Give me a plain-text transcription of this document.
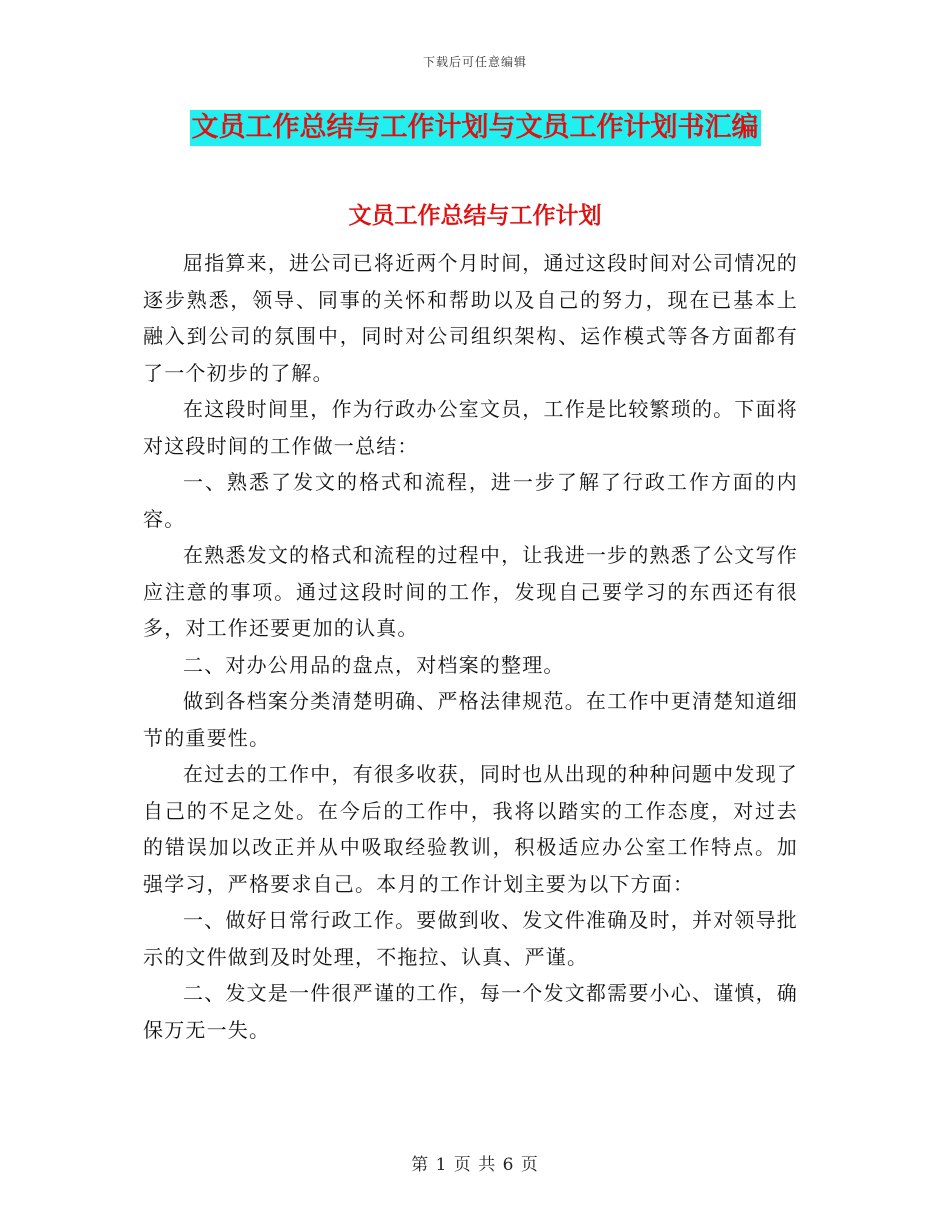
下载后可任意编辑
文员工作总结与工作计划与文员工作计划书汇编
文员工作总结与工作计划

屈指算来，进公司已将近两个月时间，通过这段时间对公司情况的逐步熟悉，领导、同事的关怀和帮助以及自己的努力，现在已基本上融入到公司的氛围中，同时对公司组织架构、运作模式等各方面都有了一个初步的了解。

在这段时间里，作为行政办公室文员，工作是比较繁琐的。下面将对这段时间的工作做一总结：

一、熟悉了发文的格式和流程，进一步了解了行政工作方面的内容。

在熟悉发文的格式和流程的过程中，让我进一步的熟悉了公文写作应注意的事项。通过这段时间的工作，发现自己要学习的东西还有很多，对工作还要更加的认真。

二、对办公用品的盘点，对档案的整理。

做到各档案分类清楚明确、严格法律规范。在工作中更清楚知道细节的重要性。

在过去的工作中，有很多收获，同时也从出现的种种问题中发现了自己的不足之处。在今后的工作中，我将以踏实的工作态度，对过去的错误加以改正并从中吸取经验教训，积极适应办公室工作特点。加强学习，严格要求自己。本月的工作计划主要为以下方面：

一、做好日常行政工作。要做到收、发文件准确及时，并对领导批示的文件做到及时处理，不拖拉、认真、严谨。

二、发文是一件很严谨的工作，每一个发文都需要小心、谨慎，确保万无一失。

第 1 页 共 6 页
